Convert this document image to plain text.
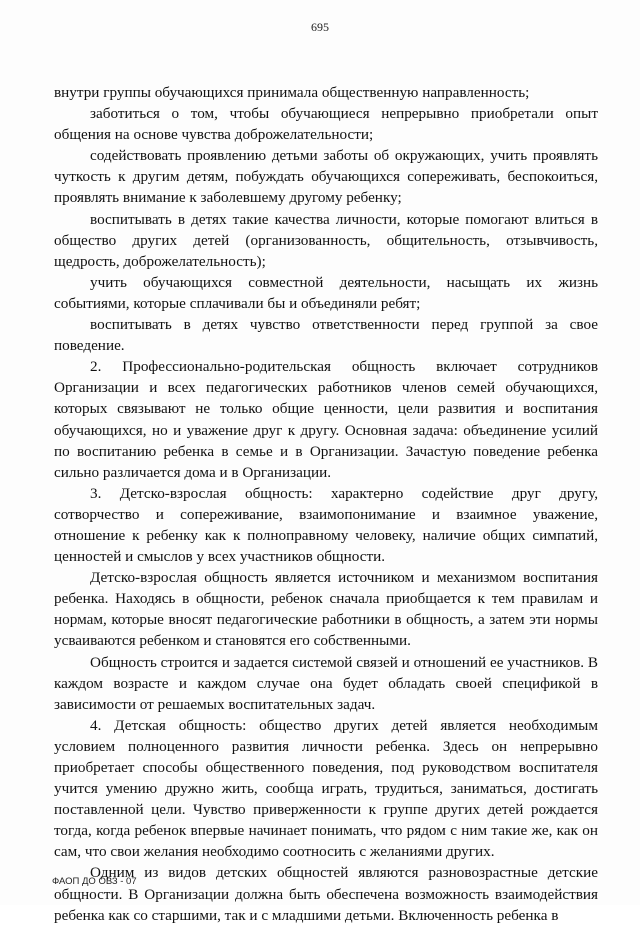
695

внутри группы обучающихся принимала общественную направленность;

заботиться о том, чтобы обучающиеся непрерывно приобретали опыт общения на основе чувства доброжелательности;

содействовать проявлению детьми заботы об окружающих, учить проявлять чуткость к другим детям, побуждать обучающихся сопереживать, беспокоиться, проявлять внимание к заболевшему другому ребенку;

воспитывать в детях такие качества личности, которые помогают влиться в общество других детей (организованность, общительность, отзывчивость, щедрость, доброжелательность);

учить обучающихся совместной деятельности, насыщать их жизнь событиями, которые сплачивали бы и объединяли ребят;

воспитывать в детях чувство ответственности перед группой за свое поведение.

2. Профессионально-родительская общность включает сотрудников Организации и всех педагогических работников членов семей обучающихся, которых связывают не только общие ценности, цели развития и воспитания обучающихся, но и уважение друг к другу. Основная задача: объединение усилий по воспитанию ребенка в семье и в Организации. Зачастую поведение ребенка сильно различается дома и в Организации.

3. Детско-взрослая общность: характерно содействие друг другу, сотворчество и сопереживание, взаимопонимание и взаимное уважение, отношение к ребенку как к полноправному человеку, наличие общих симпатий, ценностей и смыслов у всех участников общности.

Детско-взрослая общность является источником и механизмом воспитания ребенка. Находясь в общности, ребенок сначала приобщается к тем правилам и нормам, которые вносят педагогические работники в общность, а затем эти нормы усваиваются ребенком и становятся его собственными.

Общность строится и задается системой связей и отношений ее участников. В каждом возрасте и каждом случае она будет обладать своей спецификой в зависимости от решаемых воспитательных задач.

4. Детская общность: общество других детей является необходимым условием полноценного развития личности ребенка. Здесь он непрерывно приобретает способы общественного поведения, под руководством воспитателя учится умению дружно жить, сообща играть, трудиться, заниматься, достигать поставленной цели. Чувство приверженности к группе других детей рождается тогда, когда ребенок впервые начинает понимать, что рядом с ним такие же, как он сам, что свои желания необходимо соотносить с желаниями других.

Одним из видов детских общностей являются разновозрастные детские общности. В Организации должна быть обеспечена возможность взаимодействия ребенка как со старшими, так и с младшими детьми. Включенность ребенка в

ФАОП ДО ОВЗ - 07
